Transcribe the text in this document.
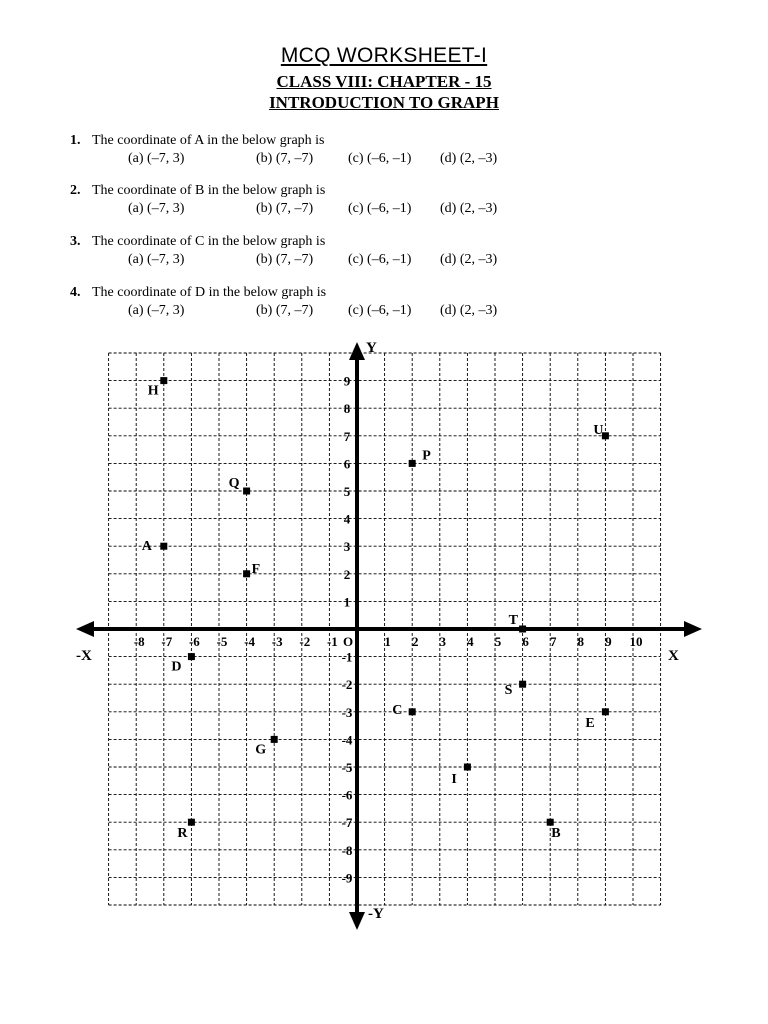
MCQ WORKSHEET-I
CLASS VIII: CHAPTER - 15
INTRODUCTION TO GRAPH
1. The coordinate of A in the below graph is
(a) (–7, 3)	(b) (7, –7) (c) (–6, –1) (d) (2, –3)
2. The coordinate of B in the below graph is
(a) (–7, 3)	(b) (7, –7) (c) (–6, –1) (d) (2, –3)
3. The coordinate of C in the below graph is
(a) (–7, 3)	(b) (7, –7) (c) (–6, –1) (d) (2, –3)
4. The coordinate of D in the below graph is
(a) (–7, 3)	(b) (7, –7) (c) (–6, –1) (d) (2, –3)
X
-X
Y
-Y
-8 -7 -6 -5 -4 -3 -2 -1 O 1 2 3 4 5 6 7 8 9 10
9
8
7
6
5
4
3
2
1
-1
-2
-3
-4
-5
-6
-7
-8
-9
H
U
P
Q
A
F
T
D
S
C
E
G
I
R	B
